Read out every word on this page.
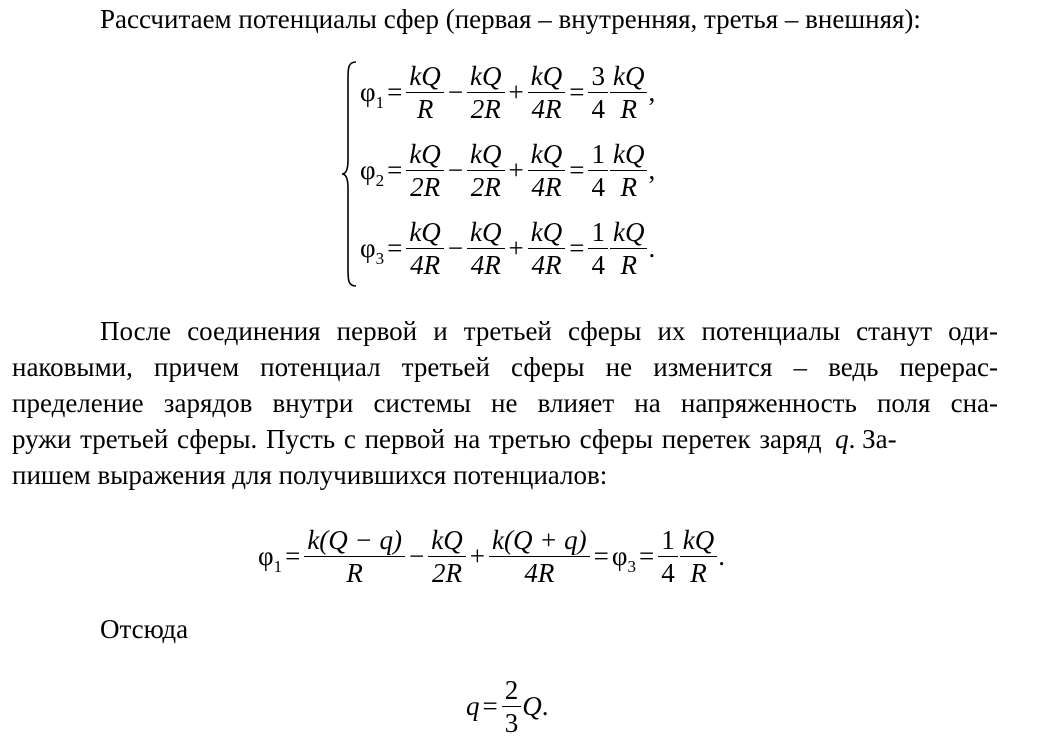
Рассчитаем потенциалы сфер (первая – внутренняя, третья – внешняя):
$\varphi_1 = \frac{kQ}{R} - \frac{kQ}{2R} + \frac{kQ}{4R} = \frac{3}{4} \frac{kQ}{R}$ ,
$\varphi_2 = \frac{kQ}{2R} - \frac{kQ}{2R} + \frac{kQ}{4R} = \frac{1}{4} \frac{kQ}{R}$ ,
$\varphi_3 = \frac{kQ}{4R} - \frac{kQ}{4R} + \frac{kQ}{4R} = \frac{1}{4} \frac{kQ}{R}$ .
После соединения первой и третьей сферы их потенциалы станут оди-
наковыми, причем потенциал третьей сферы не изменится – ведь перерас-
пределение зарядов внутри системы не влияет на напряженность поля сна-
ружи третьей сферы. Пусть с первой на третью сферы перетек заряд q. За-
пишем выражения для получившихся потенциалов:
$\varphi_1 = \frac{k(Q - q)}{R} - \frac{kQ}{2R} + \frac{k(Q + q)}{4R} = \varphi_3 = \frac{1}{4} \frac{kQ}{R}$ .
Отсюда
$q = \frac{2}{3}$ Q .
